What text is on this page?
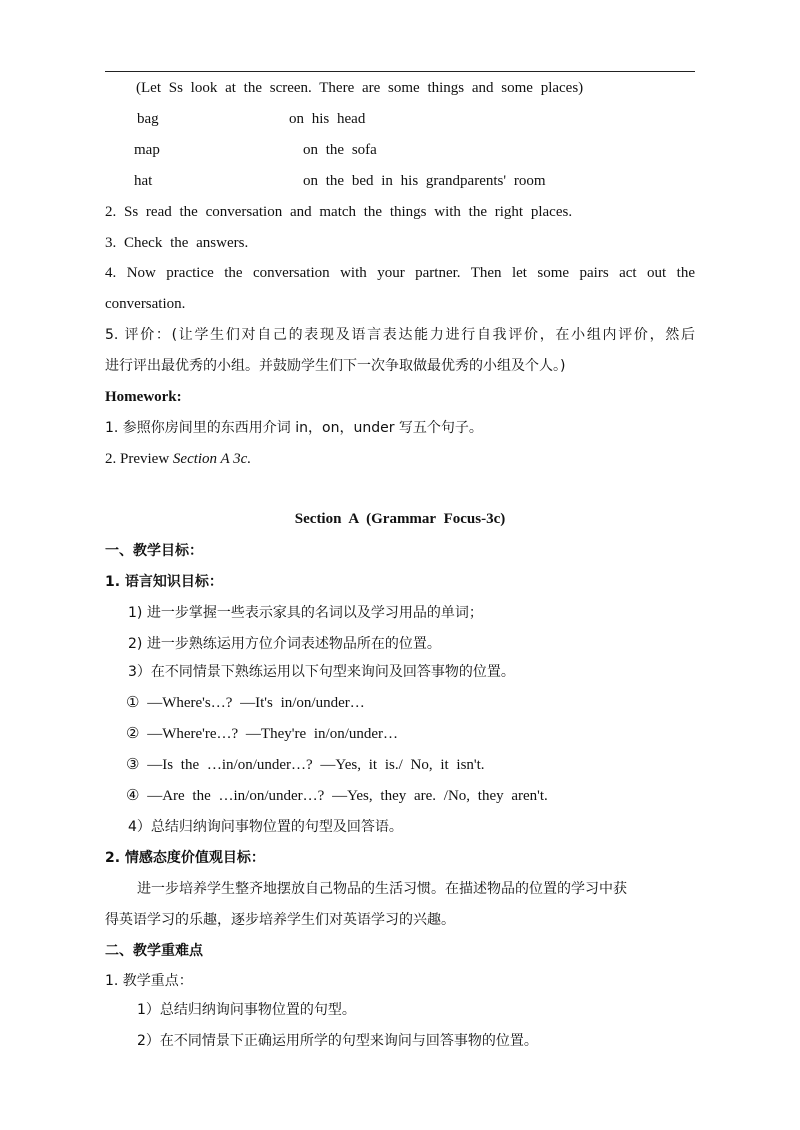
(Let Ss look at the screen. There are some things and some places)
bag	on his head
map	on the sofa
hat	on the bed in his grandparents' room
2. Ss read the conversation and match the things with the right places.
3. Check the answers.
4. Now practice the conversation with your partner. Then let some pairs act out the
conversation.
5. 评价：(让学生们对自己的表现及语言表达能力进行自我评价，在小组内评价，然后
进行评出最优秀的小组。并鼓励学生们下一次争取做最优秀的小组及个人。)
Homework:
1. 参照你房间里的东西用介词 in，on，under 写五个句子。
2. Preview Section A 3c.
Section A (Grammar Focus-3c)
一、教学目标：
1. 语言知识目标：
1) 进一步掌握一些表示家具的名词以及学习用品的单词；
2) 进一步熟练运用方位介词表述物品所在的位置。
3）在不同情景下熟练运用以下句型来询问及回答事物的位置。
① —Where's…? —It's in/on/under…
② —Where're…? —They're in/on/under…
③ —Is the …in/on/under…? —Yes, it is./ No, it isn't.
④ —Are the …in/on/under…? —Yes, they are. /No, they aren't.
4）总结归纳询问事物位置的句型及回答语。
2. 情感态度价值观目标：
进一步培养学生整齐地摆放自己物品的生活习惯。在描述物品的位置的学习中获
得英语学习的乐趣，逐步培养学生们对英语学习的兴趣。
二、教学重难点
1. 教学重点：
1）总结归纳询问事物位置的句型。
2）在不同情景下正确运用所学的句型来询问与回答事物的位置。
